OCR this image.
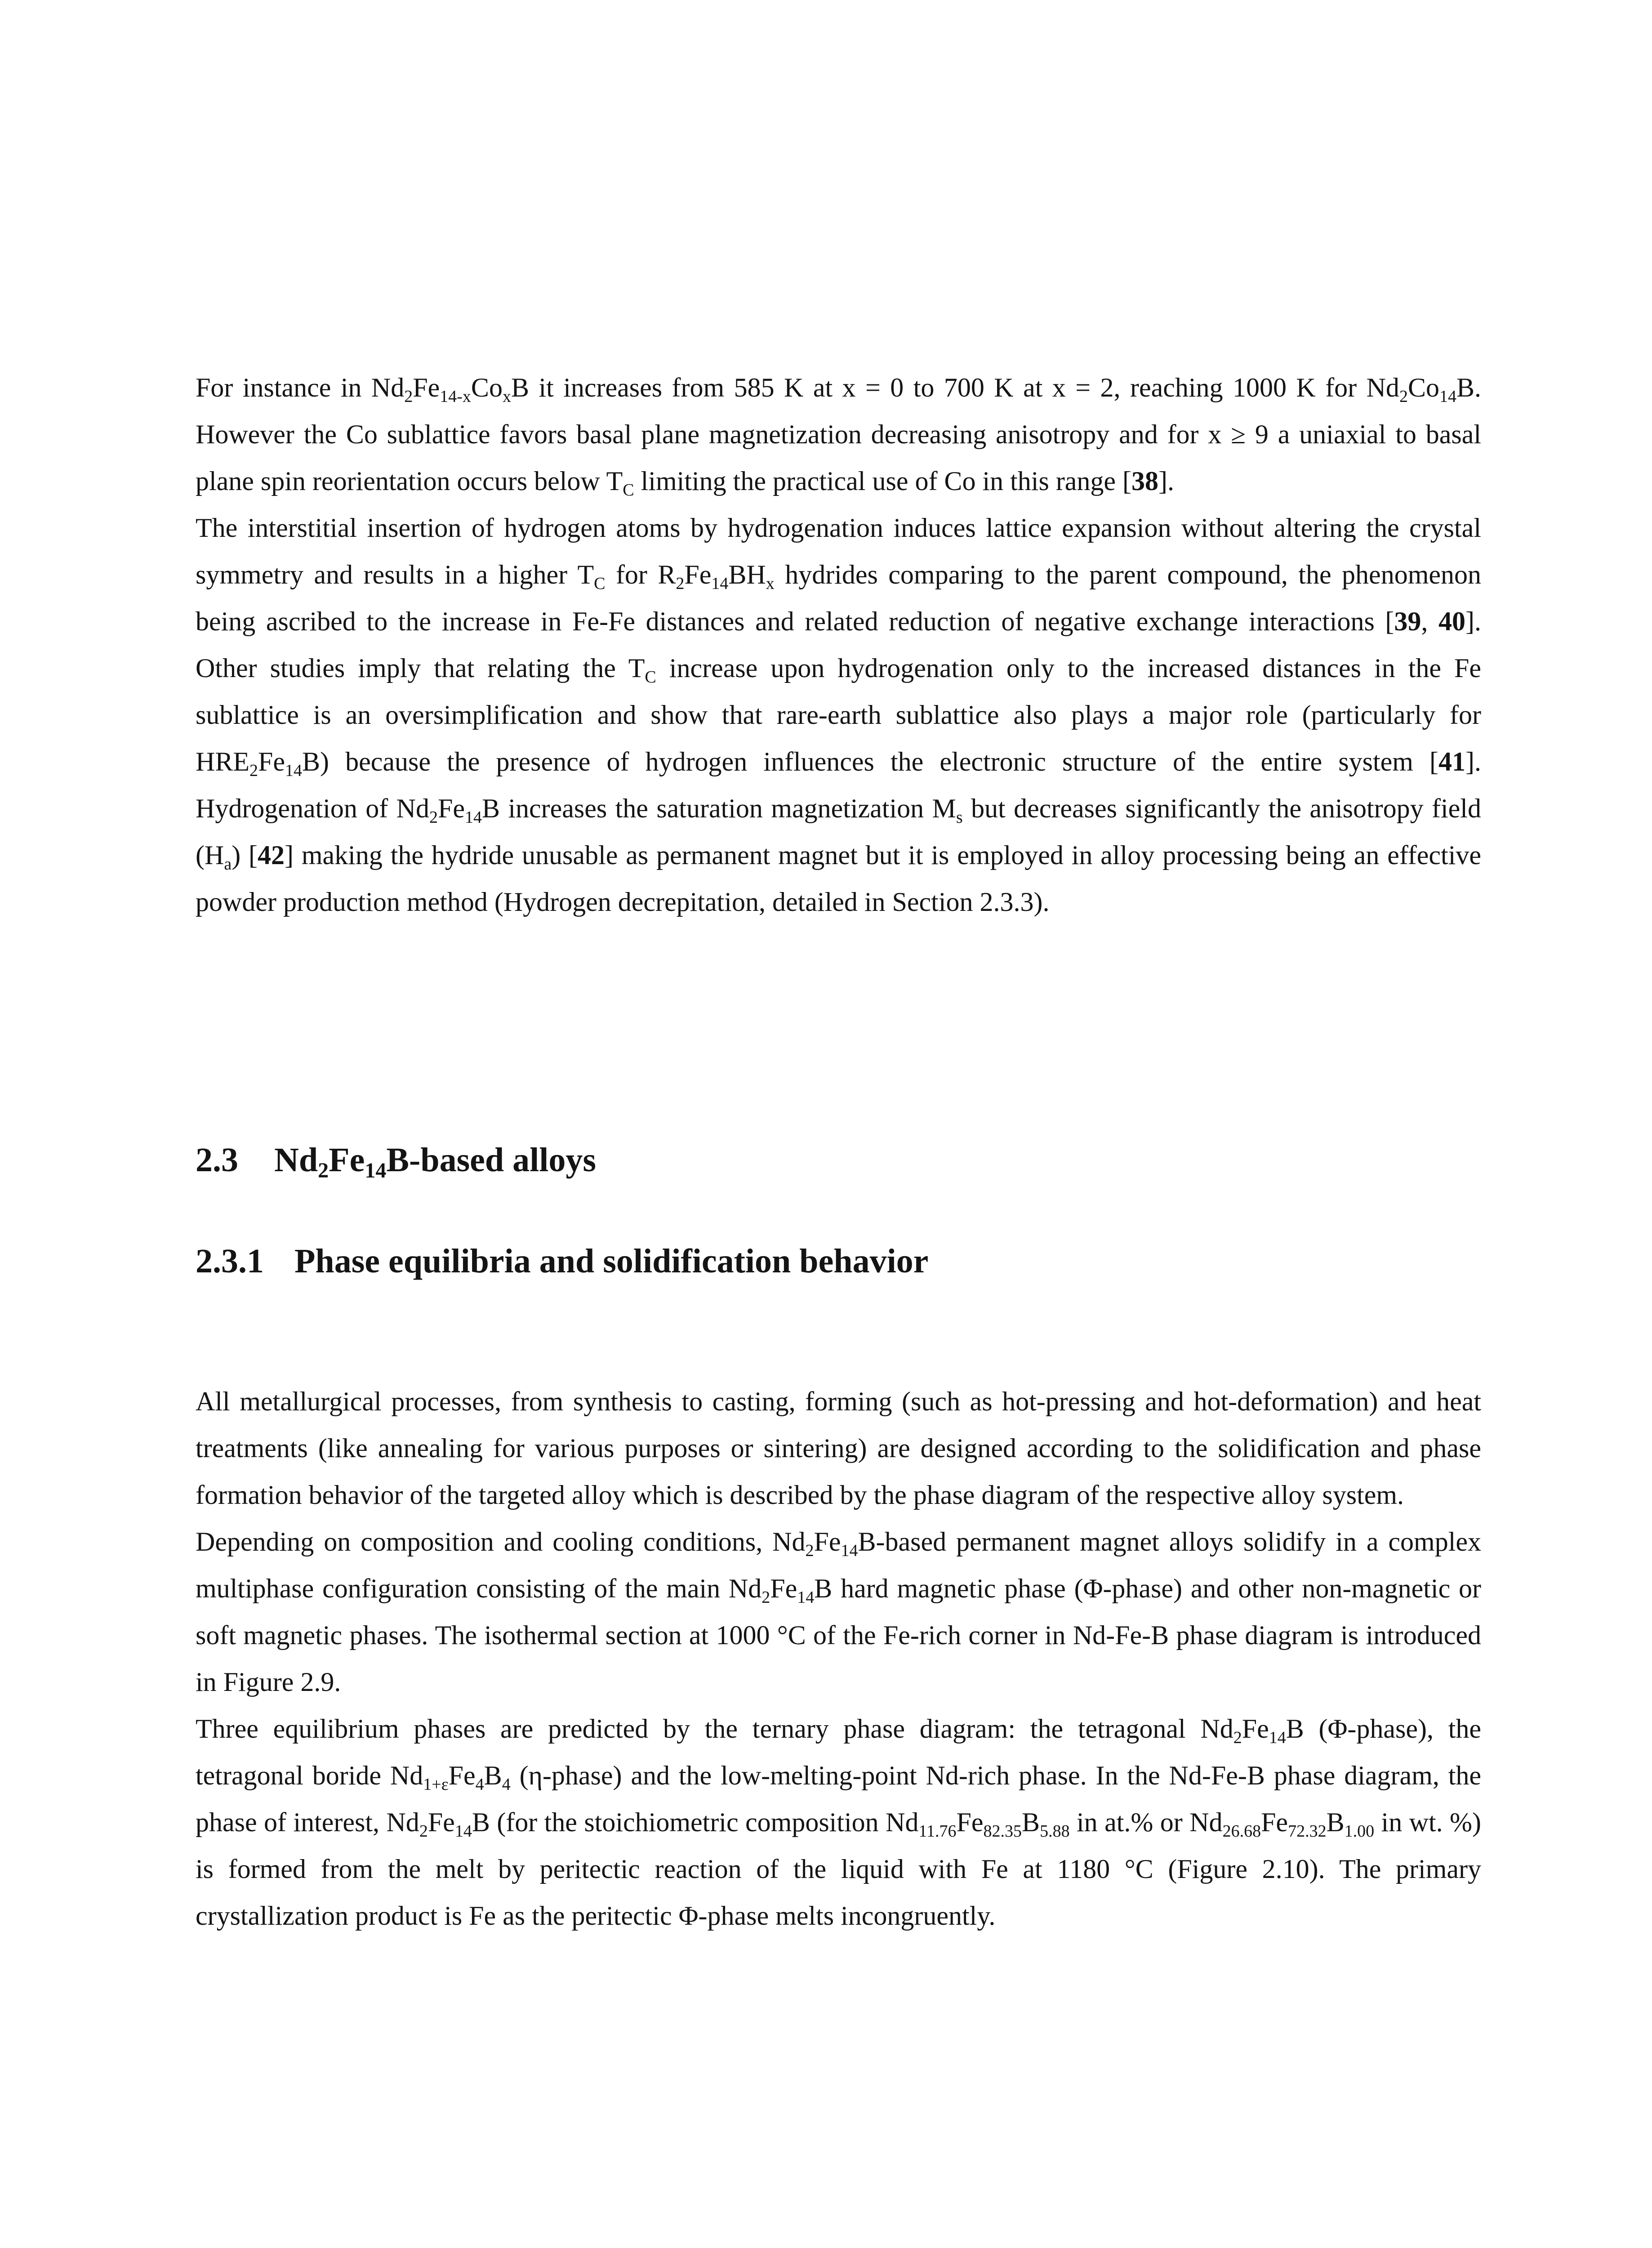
For instance in $Nd_2Fe_{14-x}Co_xB$ it increases from 585 K at x = 0 to 700 K at x = 2, reaching 1000 K for $Nd_2Co_{14}B$. However the Co sublattice favors basal plane magnetization decreasing anisotropy and for x ≥ 9 a uniaxial to basal plane spin reorientation occurs below $T_C$ limiting the practical use of Co in this range [38].

The interstitial insertion of hydrogen atoms by hydrogenation induces lattice expansion without altering the crystal symmetry and results in a higher $T_C$ for $R_2Fe_{14}BH_x$ hydrides comparing to the parent compound, the phenomenon being ascribed to the increase in Fe-Fe distances and related reduction of negative exchange interactions [39, 40]. Other studies imply that relating the $T_C$ increase upon hydrogenation only to the increased distances in the Fe sublattice is an oversimplification and show that rare-earth sublattice also plays a major role (particularly for $HRE_2Fe_{14}B$) because the presence of hydrogen influences the electronic structure of the entire system [41]. Hydrogenation of $Nd_2Fe_{14}B$ increases the saturation magnetization $M_s$ but decreases significantly the anisotropy field $(H_a)$ [42] making the hydride unusable as permanent magnet but it is employed in alloy processing being an effective powder production method (Hydrogen decrepitation, detailed in Section 2.3.3).

2.3 $Nd_2Fe_{14}B$-based alloys
2.3.1 Phase equilibria and solidification behavior

All metallurgical processes, from synthesis to casting, forming (such as hot-pressing and hot-deformation) and heat treatments (like annealing for various purposes or sintering) are designed according to the solidification and phase formation behavior of the targeted alloy which is described by the phase diagram of the respective alloy system.

Depending on composition and cooling conditions, $Nd_2Fe_{14}B$-based permanent magnet alloys solidify in a complex multiphase configuration consisting of the main $Nd_2Fe_{14}B$ hard magnetic phase (Φ-phase) and other non-magnetic or soft magnetic phases. The isothermal section at 1000 °C of the Fe-rich corner in Nd-Fe-B phase diagram is introduced in Figure 2.9.

Three equilibrium phases are predicted by the ternary phase diagram: the tetragonal $Nd_2Fe_{14}B$ (Φ-phase), the tetragonal boride $Nd_{1+\varepsilon}Fe_4B_4$ (η-phase) and the low-melting-point Nd-rich phase. In the Nd-Fe-B phase diagram, the phase of interest, $Nd_2Fe_{14}B$ (for the stoichiometric composition $Nd_{11.76}Fe_{82.35}B_{5.88}$ in at.% or $Nd_{26.68}Fe_{72.32}B_{1.00}$ in wt. %) is formed from the melt by peritectic reaction of the liquid with Fe at 1180 °C (Figure 2.10). The primary crystallization product is Fe as the peritectic Φ-phase melts incongruently.
